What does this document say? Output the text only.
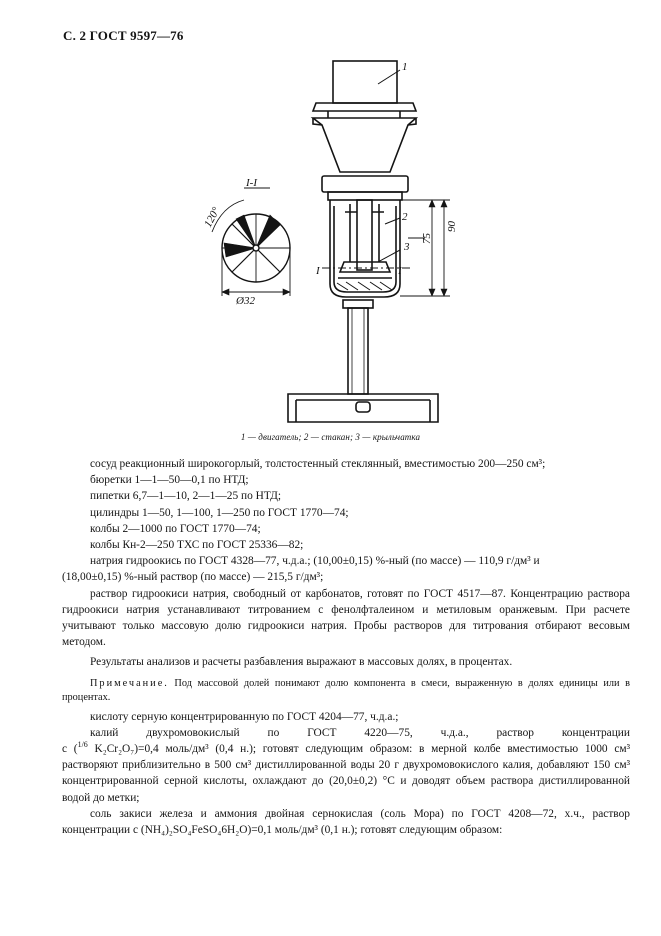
С. 2 ГОСТ 9597—76
I-I
120°
Ø32
1
2
3
I	I
75
90
1 — двигатель; 2 — стакан; 3 — крыльчатка

сосуд реакционный широкогорлый, толстостенный стеклянный, вместимостью 200—250 см³;

бюретки 1—1—50—0,1 по НТД;

пипетки 6,7—1—10, 2—1—25 по НТД;

цилиндры 1—50, 1—100, 1—250 по ГОСТ 1770—74;

колбы 2—1000 по ГОСТ 1770—74;

колбы Кн-2—250 ТХС по ГОСТ 25336—82;

натрия гидроокись по ГОСТ 4328—77, ч.д.а.; (10,00±0,15) %-ный (по массе) — 110,9 г/дм³ и

(18,00±0,15) %-ный раствор (по массе) — 215,5 г/дм³;

раствор гидроокиси натрия, свободный от карбонатов, готовят по ГОСТ 4517—87. Концентрацию раствора гидроокиси натрия устанавливают титрованием с фенолфталеином и метиловым оранжевым. При расчете учитывают только массовую долю гидроокиси натрия. Пробы растворов для титрования отбирают весовым методом.

Результаты анализов и расчеты разбавления выражают в массовых долях, в процентах.

Примечание. Под массовой долей понимают долю компонента в смеси, выраженную в долях единицы или в процентах.

кислоту серную концентрированную по ГОСТ 4204—77, ч.д.а.;

калий двухромовокислый по ГОСТ 4220—75, ч.д.а., раствор концентрации

c ($^{1/6}$ K₂Cr₂O₇)=0,4 моль/дм³ (0,4 н.); готовят следующим образом: в мерной колбе вместимостью 1000 см³ растворяют приблизительно в 500 см³ дистиллированной воды 20 г двухромовокислого калия, добавляют 150 см³ концентрированной серной кислоты, охлаждают до (20,0±0,2) °С и доводят объем раствора дистиллированной водой до метки;

соль закиси железа и аммония двойная сернокислая (соль Мора) по ГОСТ 4208—72, х.ч., раствор концентрации c (NH₄)₂SO₄FeSO₄6H₂O)=0,1 моль/дм³ (0,1 н.); готовят следующим образом:
